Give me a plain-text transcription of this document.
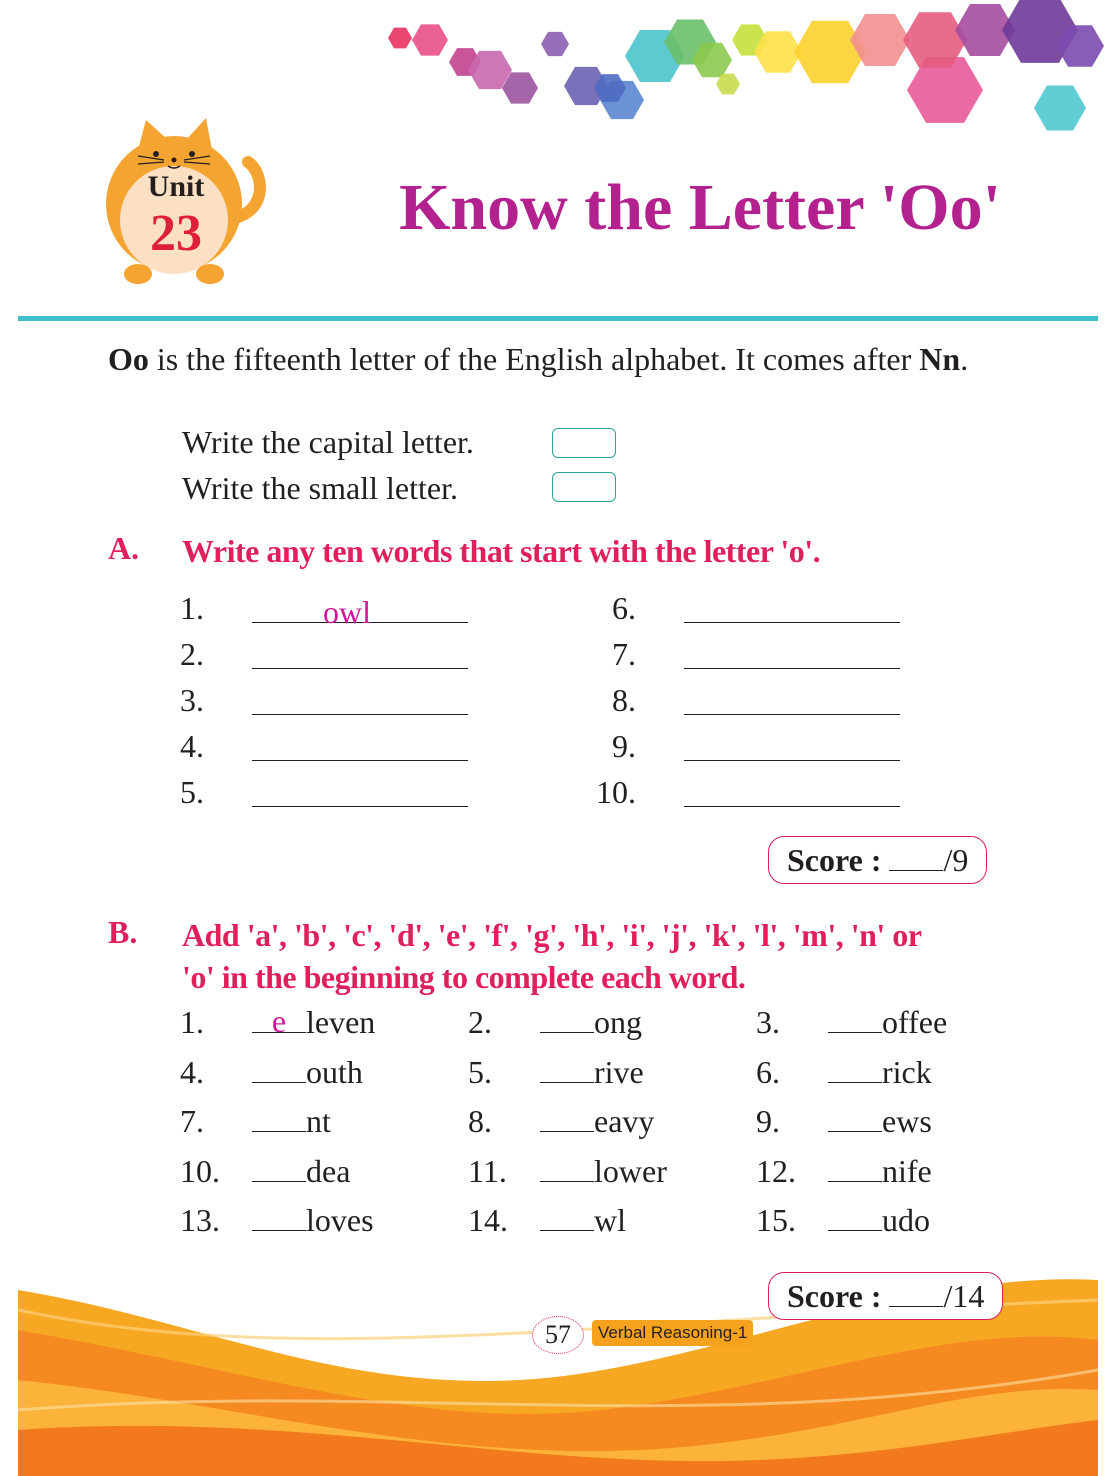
Unit
23	Know the Letter 'Oo'
Oo is the fifteenth letter of the English alphabet. It comes after Nn.
Write the capital letter.
Write the small letter.
A. Write any ten words that start with the letter 'o'.
1.	owl
2.
3.
4.
5.
6.
7.
8.
9.
10.
Score : /9
B. Add 'a', 'b', 'c', 'd', 'e', 'f', 'g', 'h', 'i', 'j', 'k', 'l', 'm', 'n' or
'o' in the beginning to complete each word.
1.	e leven	2.	ong	3.	offee
4.	outh	5.	rive	6.	rick
7.	nt	8.	eavy	9.	ews
10.	dea	11.	lower	12.	nife
13.	loves	14.	wl	15.	udo
Score : /14
57	Verbal Reasoning-1
